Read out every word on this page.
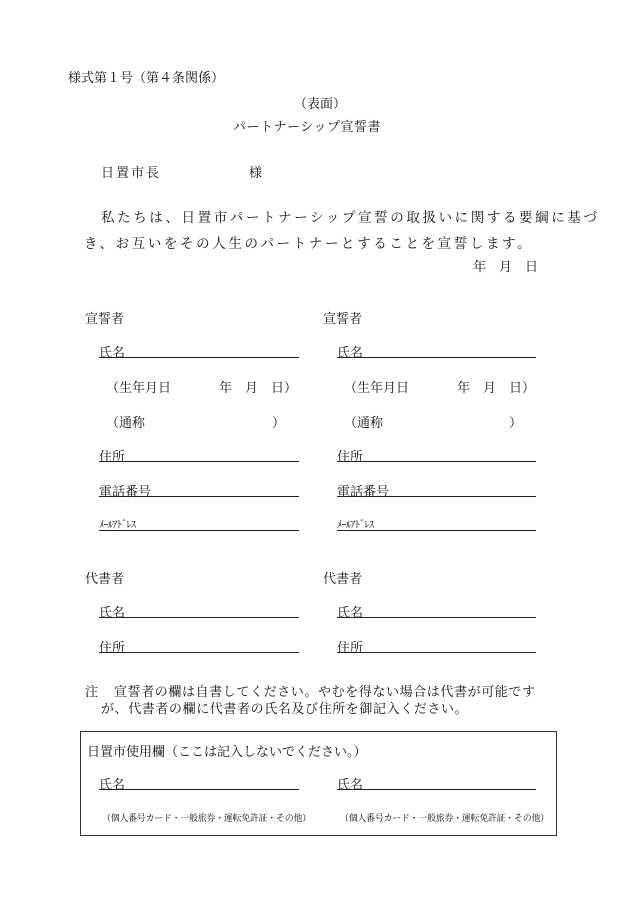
様式第１号（第４条関係）
（表面）
パートナーシップ宣誓書
日置市長	様
私たちは、日置市パートナーシップ宣誓の取扱いに関する要綱に基づ
き、お互いをその人生のパートナーとすることを宣誓します。
年　月　日
宣誓者
氏名
（生年月日	年　月　日）
（通称	）
住所
電話番号
ﾒｰﾙｱﾄﾞﾚｽ
宣誓者
氏名
（生年月日	年　月　日）
（通称	）
住所
電話番号
ﾒｰﾙｱﾄﾞﾚｽ
代書者
氏名
住所
代書者
氏名
住所
注 宣誓者の欄は自書してください。やむを得ない場合は代書が可能です
が、代書者の欄に代書者の氏名及び住所を御記入ください。
日置市使用欄（ここは記入しないでください。）
氏名
（個人番号カード・一般旅券・運転免許証・その他）
氏名
（個人番号カード・一般旅券・運転免許証・その他）
